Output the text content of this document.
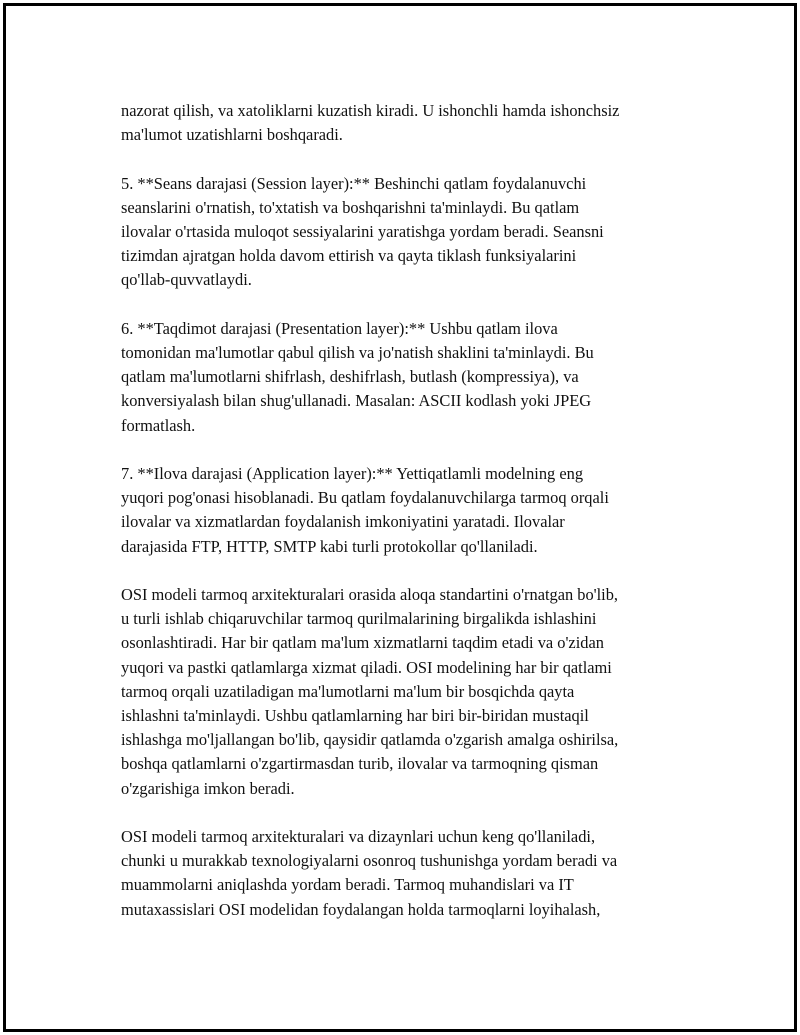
nazorat qilish, va xatoliklarni kuzatish kiradi. U ishonchli hamda ishonchsiz
ma'lumot uzatishlarni boshqaradi.

5. **Seans darajasi (Session layer):** Beshinchi qatlam foydalanuvchi
seanslarini o'rnatish, to'xtatish va boshqarishni ta'minlaydi. Bu qatlam
ilovalar o'rtasida muloqot sessiyalarini yaratishga yordam beradi. Seansni
tizimdan ajratgan holda davom ettirish va qayta tiklash funksiyalarini
qo'llab-quvvatlaydi.

6. **Taqdimot darajasi (Presentation layer):** Ushbu qatlam ilova
tomonidan ma'lumotlar qabul qilish va jo'natish shaklini ta'minlaydi. Bu
qatlam ma'lumotlarni shifrlash, deshifrlash, butlash (kompressiya), va
konversiyalash bilan shug'ullanadi. Masalan: ASCII kodlash yoki JPEG
formatlash.

7. **Ilova darajasi (Application layer):** Yettiqatlamli modelning eng
yuqori pog'onasi hisoblanadi. Bu qatlam foydalanuvchilarga tarmoq orqali
ilovalar va xizmatlardan foydalanish imkoniyatini yaratadi. Ilovalar
darajasida FTP, HTTP, SMTP kabi turli protokollar qo'llaniladi.

OSI modeli tarmoq arxitekturalari orasida aloqa standartini o'rnatgan bo'lib,
u turli ishlab chiqaruvchilar tarmoq qurilmalarining birgalikda ishlashini
osonlashtiradi. Har bir qatlam ma'lum xizmatlarni taqdim etadi va o'zidan
yuqori va pastki qatlamlarga xizmat qiladi. OSI modelining har bir qatlami
tarmoq orqali uzatiladigan ma'lumotlarni ma'lum bir bosqichda qayta
ishlashni ta'minlaydi. Ushbu qatlamlarning har biri bir-biridan mustaqil
ishlashga mo'ljallangan bo'lib, qaysidir qatlamda o'zgarish amalga oshirilsa,
boshqa qatlamlarni o'zgartirmasdan turib, ilovalar va tarmoqning qisman
o'zgarishiga imkon beradi.

OSI modeli tarmoq arxitekturalari va dizaynlari uchun keng qo'llaniladi,
chunki u murakkab texnologiyalarni osonroq tushunishga yordam beradi va
muammolarni aniqlashda yordam beradi. Tarmoq muhandislari va IT
mutaxassislari OSI modelidan foydalangan holda tarmoqlarni loyihalash,
